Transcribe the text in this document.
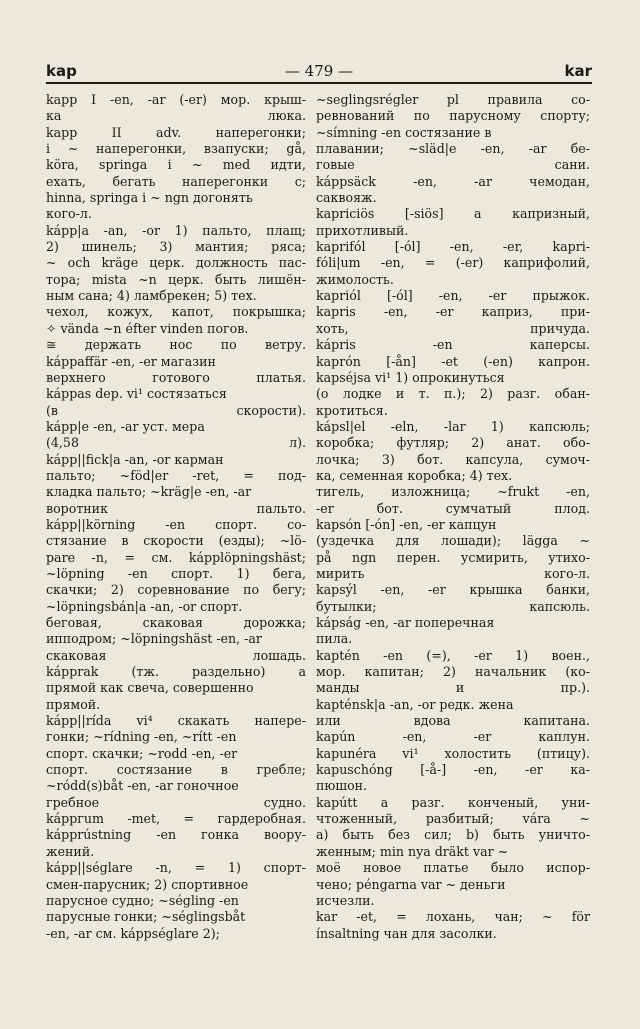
kap	— 479 —	kar
kapp I -en, -ar (-er) мор. крыш-
ка люка.
kapp II adv. наперегонки;
i ~ наперегонки, взапуски; gå,
köra, springa i ~ med идти,
ехать, бегать наперегонки с;
hinna, springa i ~ ngn догонять
кого-л.
kápp|a -an, -or 1) пальто, плащ;
2) шинель; 3) мантия; ряса;
~ och kräge церк. должность пас-
тора; mista ~n церк. быть лишён-
ным сана; 4) ламбрекен; 5) тех.
чехол, кожух, капот, покрышка;
✧ vända ~n éfter vinden погов.
≅ держать нос по ветру.
káppaffär -en, -er магазин
верхнего готового платья.
káppas dep. vi¹ состязаться
(в скорости).
kápp|e -en, -ar уст. мера
(4,58 л).
kápp||fick|a -an, -or карман
пальто; ~föd|er -ret, = под-
кладка пальто; ~kräg|e -en, -ar
воротник пальто.
kápp||körning -en спорт. со-
стязание в скорости (езды); ~lö-
pare -n, = см. kápplöpningshäst;
~löpning -en спорт. 1) бега,
скачки; 2) соревнование по бегу;
~löpningsbán|a -an, -or спорт.
беговая, скаковая дорожка;
ипподром; ~löpningshäst -en, -ar
скаковая лошадь.
kápprak (тж. раздельно) a
прямой как свеча, совершенно
прямой.
kápp||rída vi⁴ скакать напере-
гонки; ~rídning -en, ~rítt -en
спорт. скачки; ~rodd -en, -er
спорт. состязание в гребле;
~ródd(s)båt -en, -ar гоночное
гребное судно.
káppгum -met, = гардеробная.
kápprústning -en гонка воору-
жений.
kápp||séglare -n, = 1) спорт-
смен-парусник; 2) спортивное
парусное судно; ~ségling -en
парусные гонки; ~séglingsbåt
-en, -ar см. káppséglare 2);
~seglingsrégler pl правила со-
ревнований по парусному спорту;
~símning -en состязание в
плавании; ~släd|e -en, -ar бе-
говые сани.
káppsäck -en, -ar чемодан,
саквояж.
kapriciös [-siös] a капризный,
прихотливый.
kaprifól [-ól] -en, -er, kapri-
fóli|um -en, = (-er) каприфолий,
жимолость.
kapriól [-ól] -en, -er прыжок.
kapris -en, -er каприз, при-
хоть, причуда.
kápris -en каперсы.
kaprón [-ån] -et (-en) капрон.
kapséjsa vi¹ 1) опрокинуться
(о лодке и т. п.); 2) разг. обан-
кротиться.
kápsl|el -eln, -lar 1) капсюль;
коробка; футляр; 2) анат. обо-
лочка; 3) бот. капсула, сумоч-
ка, семенная коробка; 4) тех.
тигель, изложница; ~frukt -en,
-er бот. сумчатый плод.
kapsón [-ón] -en, -er капцун
(уздечка для лошади); lägga ~
på ngn перен. усмирить, утихо-
мирить кого-л.
kapsýl -en, -er крышка банки,
бутылки; капсюль.
kápság -en, -ar поперечная
пила.
kaptén -en (=), -er 1) воен.,
мор. капитан; 2) начальник (ко-
манды и пр.).
kapténsk|a -an, -or редк. жена
или вдова капитана.
kapún -en, -er каплун.
kapunéra vi¹ холостить (птицу).
kapuschóng [-å-] -en, -er ка-
пюшон.
kapútt a разг. конченый, уни-
чтоженный, разбитый; vára ~
a) быть без сил; b) быть уничто-
женным; min nya dräkt var ~
моё новое платье было испор-
чено; péngarna var ~ деньги
исчезли.
kar -et, = лохань, чан; ~ för
ínsaltning чан для засолки.
